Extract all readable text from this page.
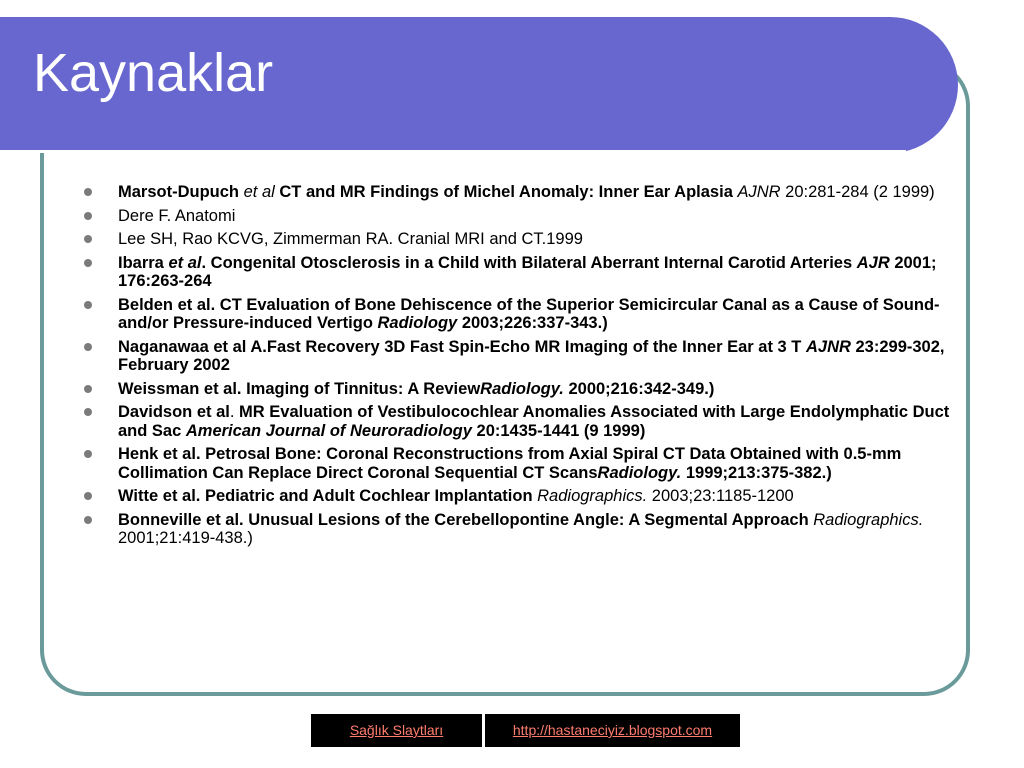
Kaynaklar
Marsot-Dupuch et al CT and MR Findings of Michel Anomaly: Inner Ear Aplasia AJNR 20:281-284 (2 1999)
Dere F. Anatomi
Lee SH, Rao KCVG, Zimmerman RA. Cranial MRI and CT.1999
Ibarra et al. Congenital Otosclerosis in a Child with Bilateral Aberrant Internal Carotid Arteries AJR 2001; 176:263-264
Belden et al. CT Evaluation of Bone Dehiscence of the Superior Semicircular Canal as a Cause of Sound- and/or Pressure-induced Vertigo Radiology 2003;226:337-343.)
Naganawaa et al A.Fast Recovery 3D Fast Spin-Echo MR Imaging of the Inner Ear at 3 T AJNR 23:299-302, February 2002
Weissman et al. Imaging of Tinnitus: A ReviewRadiology. 2000;216:342-349.)
Davidson et al. MR Evaluation of Vestibulocochlear Anomalies Associated with Large Endolymphatic Duct and Sac American Journal of Neuroradiology 20:1435-1441 (9 1999)
Henk et al. Petrosal Bone: Coronal Reconstructions from Axial Spiral CT Data Obtained with 0.5-mm Collimation Can Replace Direct Coronal Sequential CT ScansRadiology. 1999;213:375-382.)
Witte et al. Pediatric and Adult Cochlear Implantation Radiographics. 2003;23:1185-1200
Bonneville et al. Unusual Lesions of the Cerebellopontine Angle: A Segmental Approach Radiographics. 2001;21:419-438.)
Sağlık Slaytları	http://hastaneciyiz.blogspot.com
